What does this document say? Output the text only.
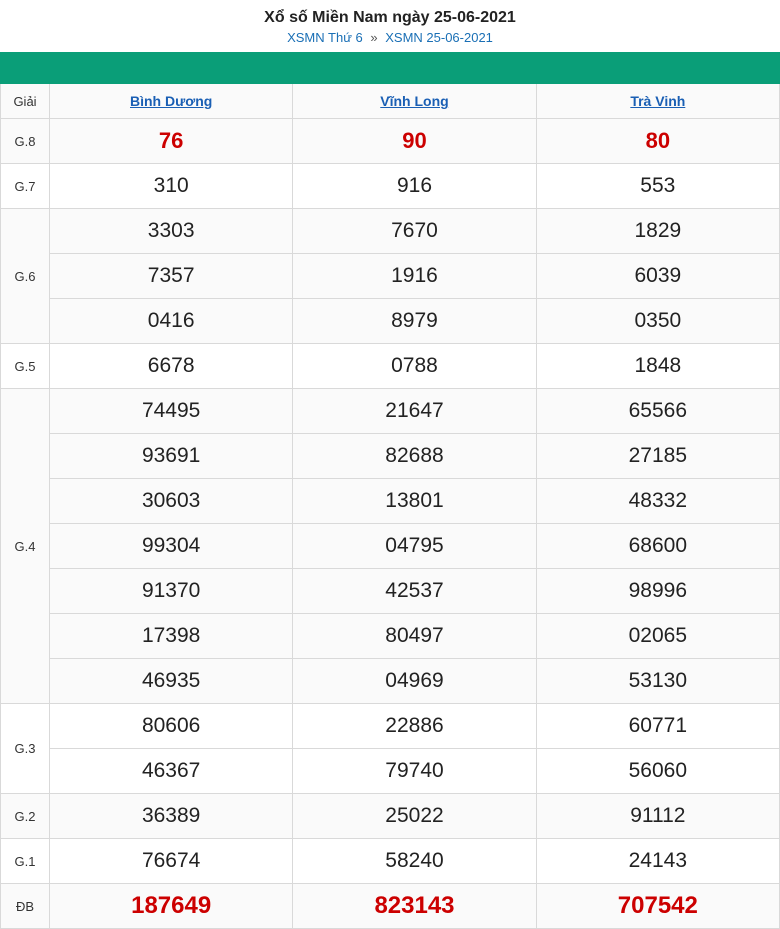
Xổ số Miền Nam ngày 25-06-2021
XSMN Thứ 6 » XSMN 25-06-2021

Giải	Bình Dương	Vĩnh Long	Trà Vinh
G.8	76	90	80
G.7	310	916	553
G.6	3303	7670	1829
	7357	1916	6039
	0416	8979	0350
G.5	6678	0788	1848
G.4	74495	21647	65566
	93691	82688	27185
	30603	13801	48332
	99304	04795	68600
	91370	42537	98996
	17398	80497	02065
	46935	04969	53130
G.3	80606	22886	60771
	46367	79740	56060
G.2	36389	25022	91112
G.1	76674	58240	24143
ĐB	187649	823143	707542
